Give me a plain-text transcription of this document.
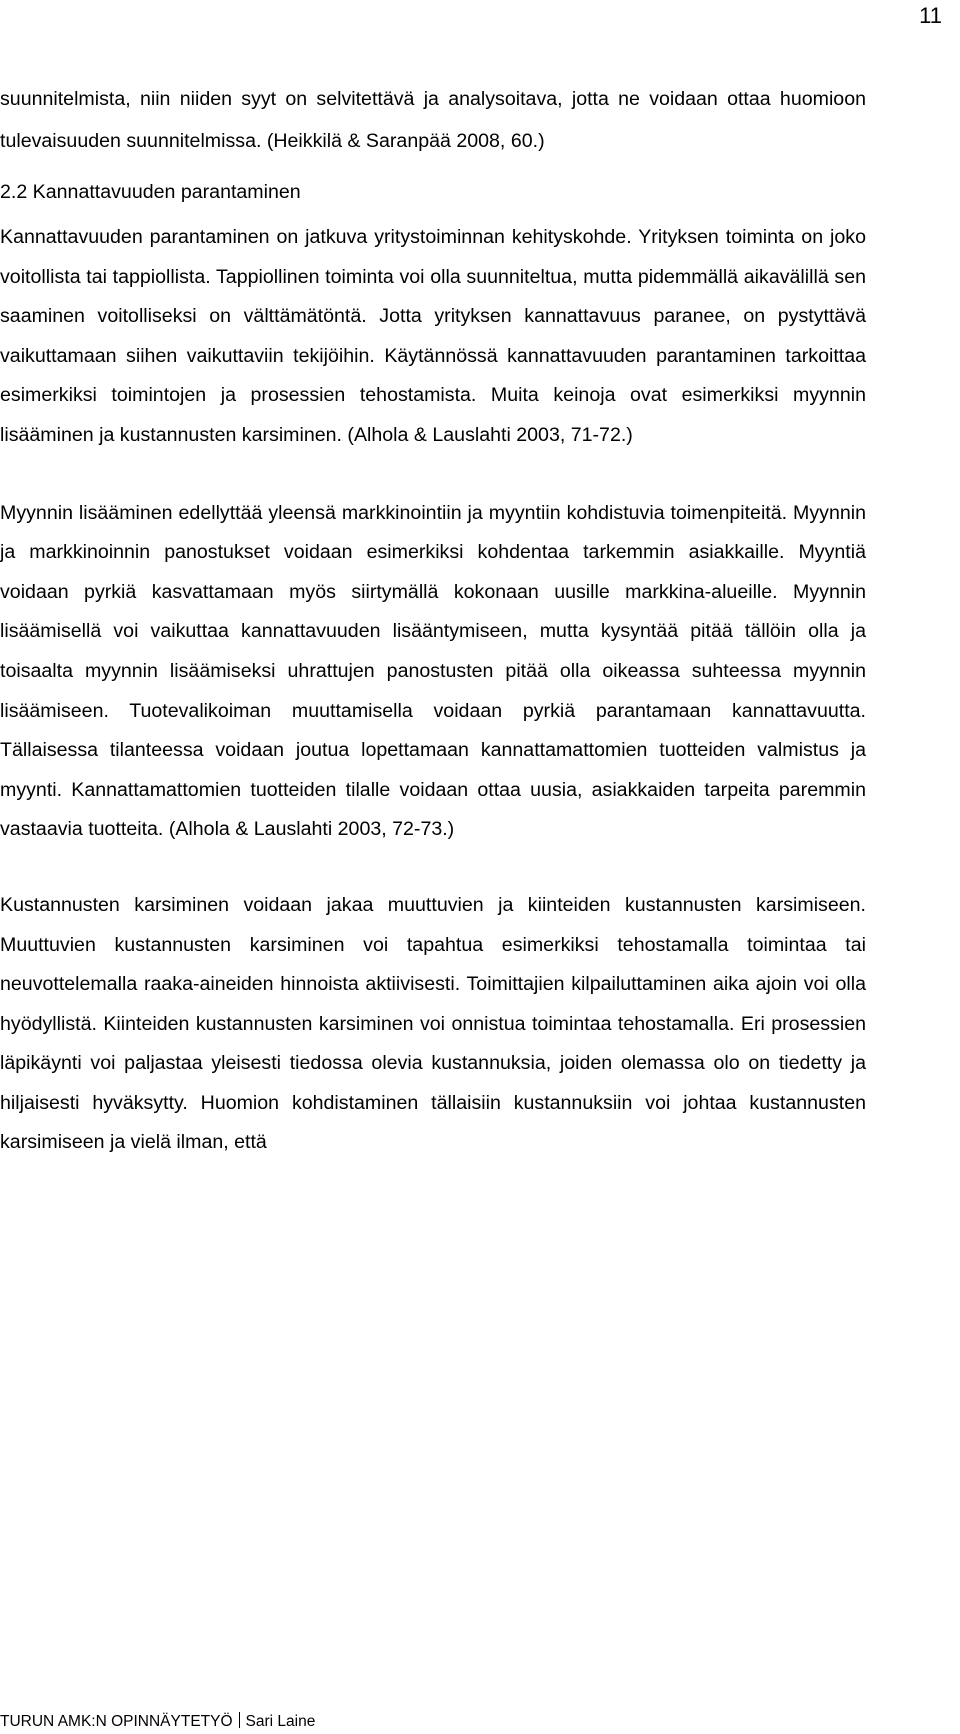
11

suunnitelmista, niin niiden syyt on selvitettävä ja analysoitava, jotta ne voidaan ottaa huomioon tulevaisuuden suunnitelmissa. (Heikkilä & Saranpää 2008, 60.)

2.2 Kannattavuuden parantaminen

Kannattavuuden parantaminen on jatkuva yritystoiminnan kehityskohde. Yrityksen toiminta on joko voitollista tai tappiollista. Tappiollinen toiminta voi olla suunniteltua, mutta pidemmällä aikavälillä sen saaminen voitolliseksi on välttämätöntä. Jotta yrityksen kannattavuus paranee, on pystyttävä vaikuttamaan siihen vaikuttaviin tekijöihin. Käytännössä kannattavuuden parantaminen tarkoittaa esimerkiksi toimintojen ja prosessien tehostamista. Muita keinoja ovat esimerkiksi myynnin lisääminen ja kustannusten karsiminen. (Alhola & Lauslahti 2003, 71-72.)

Myynnin lisääminen edellyttää yleensä markkinointiin ja myyntiin kohdistuvia toimenpiteitä. Myynnin ja markkinoinnin panostukset voidaan esimerkiksi kohdentaa tarkemmin asiakkaille. Myyntiä voidaan pyrkiä kasvattamaan myös siirtymällä kokonaan uusille markkina-alueille. Myynnin lisäämisellä voi vaikuttaa kannattavuuden lisääntymiseen, mutta kysyntää pitää tällöin olla ja toisaalta myynnin lisäämiseksi uhrattujen panostusten pitää olla oikeassa suhteessa myynnin lisäämiseen. Tuotevalikoiman muuttamisella voidaan pyrkiä parantamaan kannattavuutta. Tällaisessa tilanteessa voidaan joutua lopettamaan kannattamattomien tuotteiden valmistus ja myynti. Kannattamattomien tuotteiden tilalle voidaan ottaa uusia, asiakkaiden tarpeita paremmin vastaavia tuotteita. (Alhola & Lauslahti 2003, 72-73.)

Kustannusten karsiminen voidaan jakaa muuttuvien ja kiinteiden kustannusten karsimiseen. Muuttuvien kustannusten karsiminen voi tapahtua esimerkiksi tehostamalla toimintaa tai neuvottelemalla raaka-aineiden hinnoista aktiivisesti. Toimittajien kilpailuttaminen aika ajoin voi olla hyödyllistä. Kiinteiden kustannusten karsiminen voi onnistua toimintaa tehostamalla. Eri prosessien läpikäynti voi paljastaa yleisesti tiedossa olevia kustannuksia, joiden olemassa olo on tiedetty ja hiljaisesti hyväksytty. Huomion kohdistaminen tällaisiin kustannuksiin voi johtaa kustannusten karsimiseen ja vielä ilman, että

TURUN AMK:N OPINNÄYTETYÖ Sari Laine
